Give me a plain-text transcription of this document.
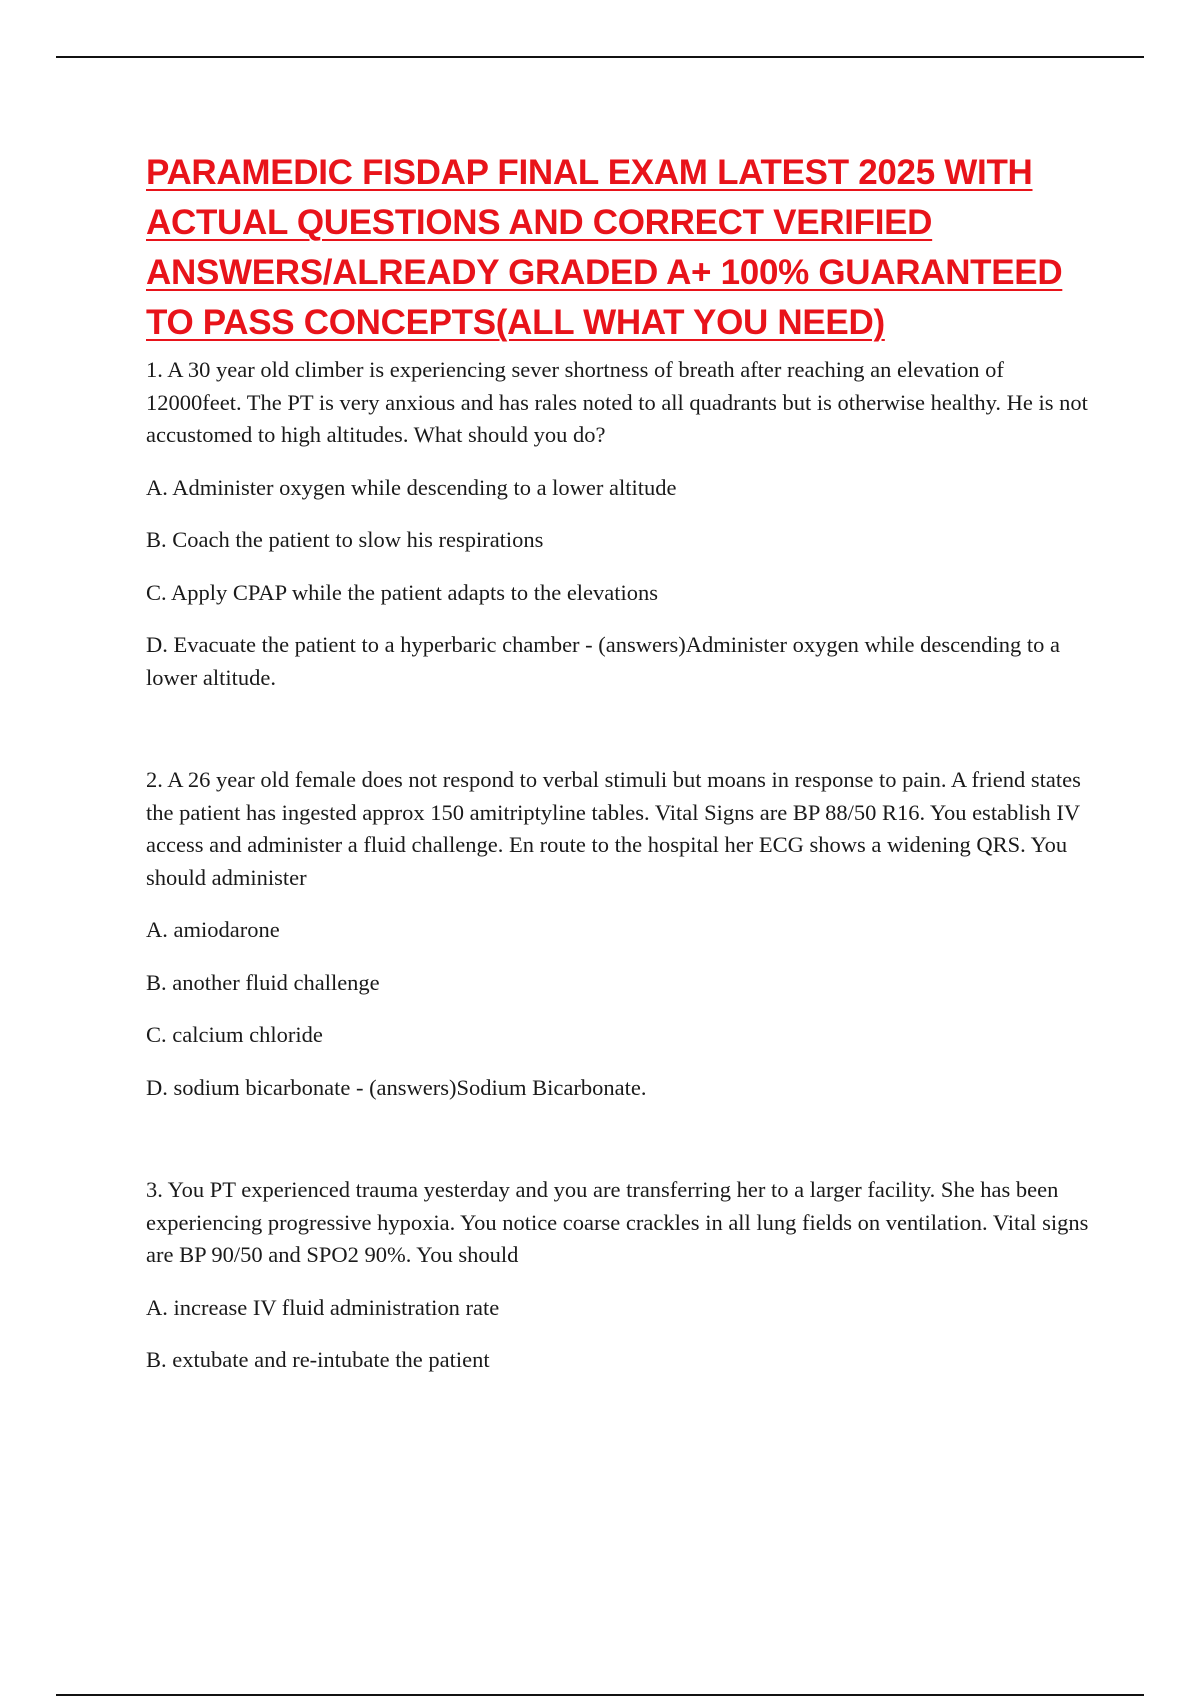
PARAMEDIC FISDAP FINAL EXAM LATEST 2025 WITH ACTUAL QUESTIONS AND CORRECT VERIFIED ANSWERS/ALREADY GRADED A+ 100% GUARANTEED TO PASS CONCEPTS(ALL WHAT YOU NEED)

1. A 30 year old climber is experiencing sever shortness of breath after reaching an elevation of 12000feet. The PT is very anxious and has rales noted to all quadrants but is otherwise healthy. He is not accustomed to high altitudes. What should you do?

A. Administer oxygen while descending to a lower altitude

B. Coach the patient to slow his respirations

C. Apply CPAP while the patient adapts to the elevations

D. Evacuate the patient to a hyperbaric chamber - (answers)Administer oxygen while descending to a lower altitude.

2. A 26 year old female does not respond to verbal stimuli but moans in response to pain. A friend states the patient has ingested approx 150 amitriptyline tables. Vital Signs are BP 88/50 R16. You establish IV access and administer a fluid challenge. En route to the hospital her ECG shows a widening QRS. You should administer

A. amiodarone

B. another fluid challenge

C. calcium chloride

D. sodium bicarbonate - (answers)Sodium Bicarbonate.

3. You PT experienced trauma yesterday and you are transferring her to a larger facility. She has been experiencing progressive hypoxia. You notice coarse crackles in all lung fields on ventilation. Vital signs are BP 90/50 and SPO2 90%. You should

A. increase IV fluid administration rate

B. extubate and re-intubate the patient
